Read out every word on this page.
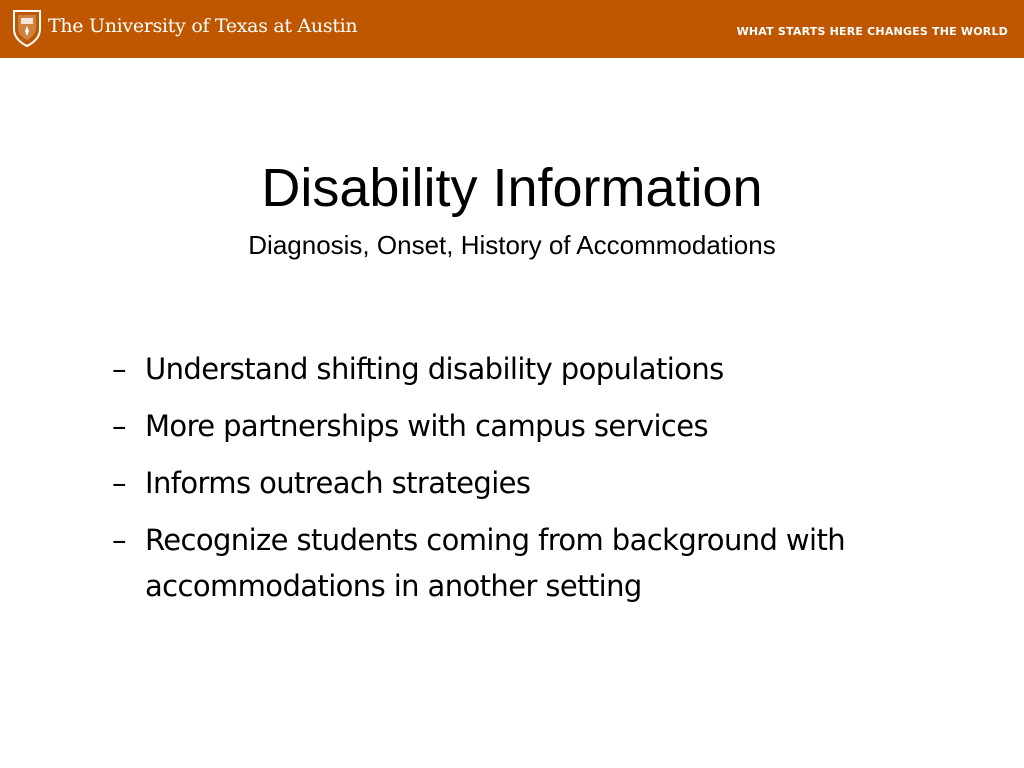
The University of Texas at Austin	WHAT STARTS HERE CHANGES THE WORLD
Disability Information
Diagnosis, Onset, History of Accommodations
– Understand shifting disability populations
– More partnerships with campus services
– Informs outreach strategies
– Recognize students coming from background with accommodations in another setting
